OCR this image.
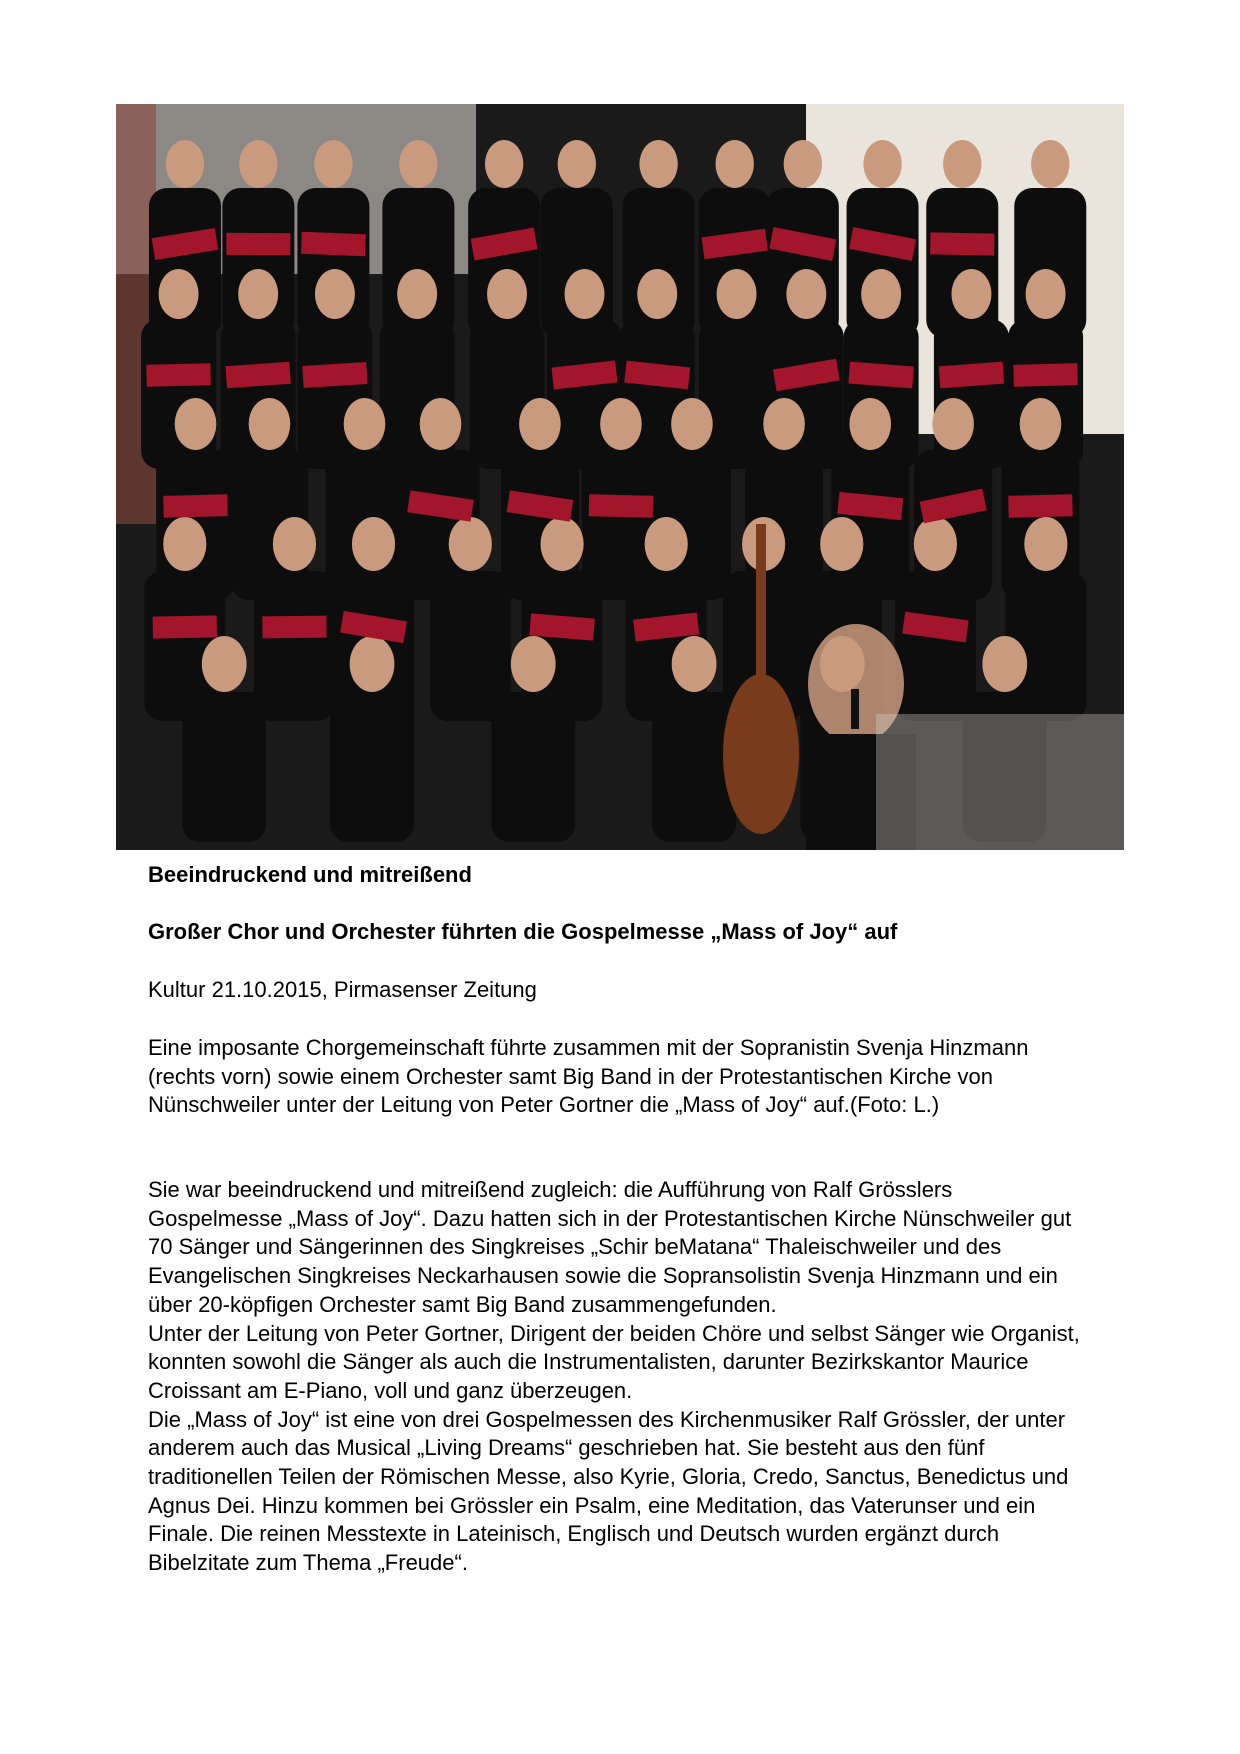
Beeindruckend und mitreißend
Großer Chor und Orchester führten die Gospelmesse „Mass of Joy“ auf

Kultur 21.10.2015, Pirmasenser Zeitung

Eine imposante Chorgemeinschaft führte zusammen mit der Sopranistin Svenja Hinzmann (rechts vorn) sowie einem Orchester samt Big Band in der Protestantischen Kirche von Nünschweiler unter der Leitung von Peter Gortner die „Mass of Joy“ auf.(Foto: L.)

Sie war beeindruckend und mitreißend zugleich: die Aufführung von Ralf Grösslers Gospelmesse „Mass of Joy“. Dazu hatten sich in der Protestantischen Kirche Nünschweiler gut 70 Sänger und Sängerinnen des Singkreises „Schir beMatana“ Thaleischweiler und des Evangelischen Singkreises Neckarhausen sowie die Sopransolistin Svenja Hinzmann und ein über 20-köpfigen Orchester samt Big Band zusammengefunden.

Unter der Leitung von Peter Gortner, Dirigent der beiden Chöre und selbst Sänger wie Organist, konnten sowohl die Sänger als auch die Instrumentalisten, darunter Bezirkskantor Maurice Croissant am E-Piano, voll und ganz überzeugen.

Die „Mass of Joy“ ist eine von drei Gospelmessen des Kirchenmusiker Ralf Grössler, der unter anderem auch das Musical „Living Dreams“ geschrieben hat. Sie besteht aus den fünf traditionellen Teilen der Römischen Messe, also Kyrie, Gloria, Credo, Sanctus, Benedictus und Agnus Dei. Hinzu kommen bei Grössler ein Psalm, eine Meditation, das Vaterunser und ein Finale. Die reinen Messtexte in Lateinisch, Englisch und Deutsch wurden ergänzt durch Bibelzitate zum Thema „Freude“.
